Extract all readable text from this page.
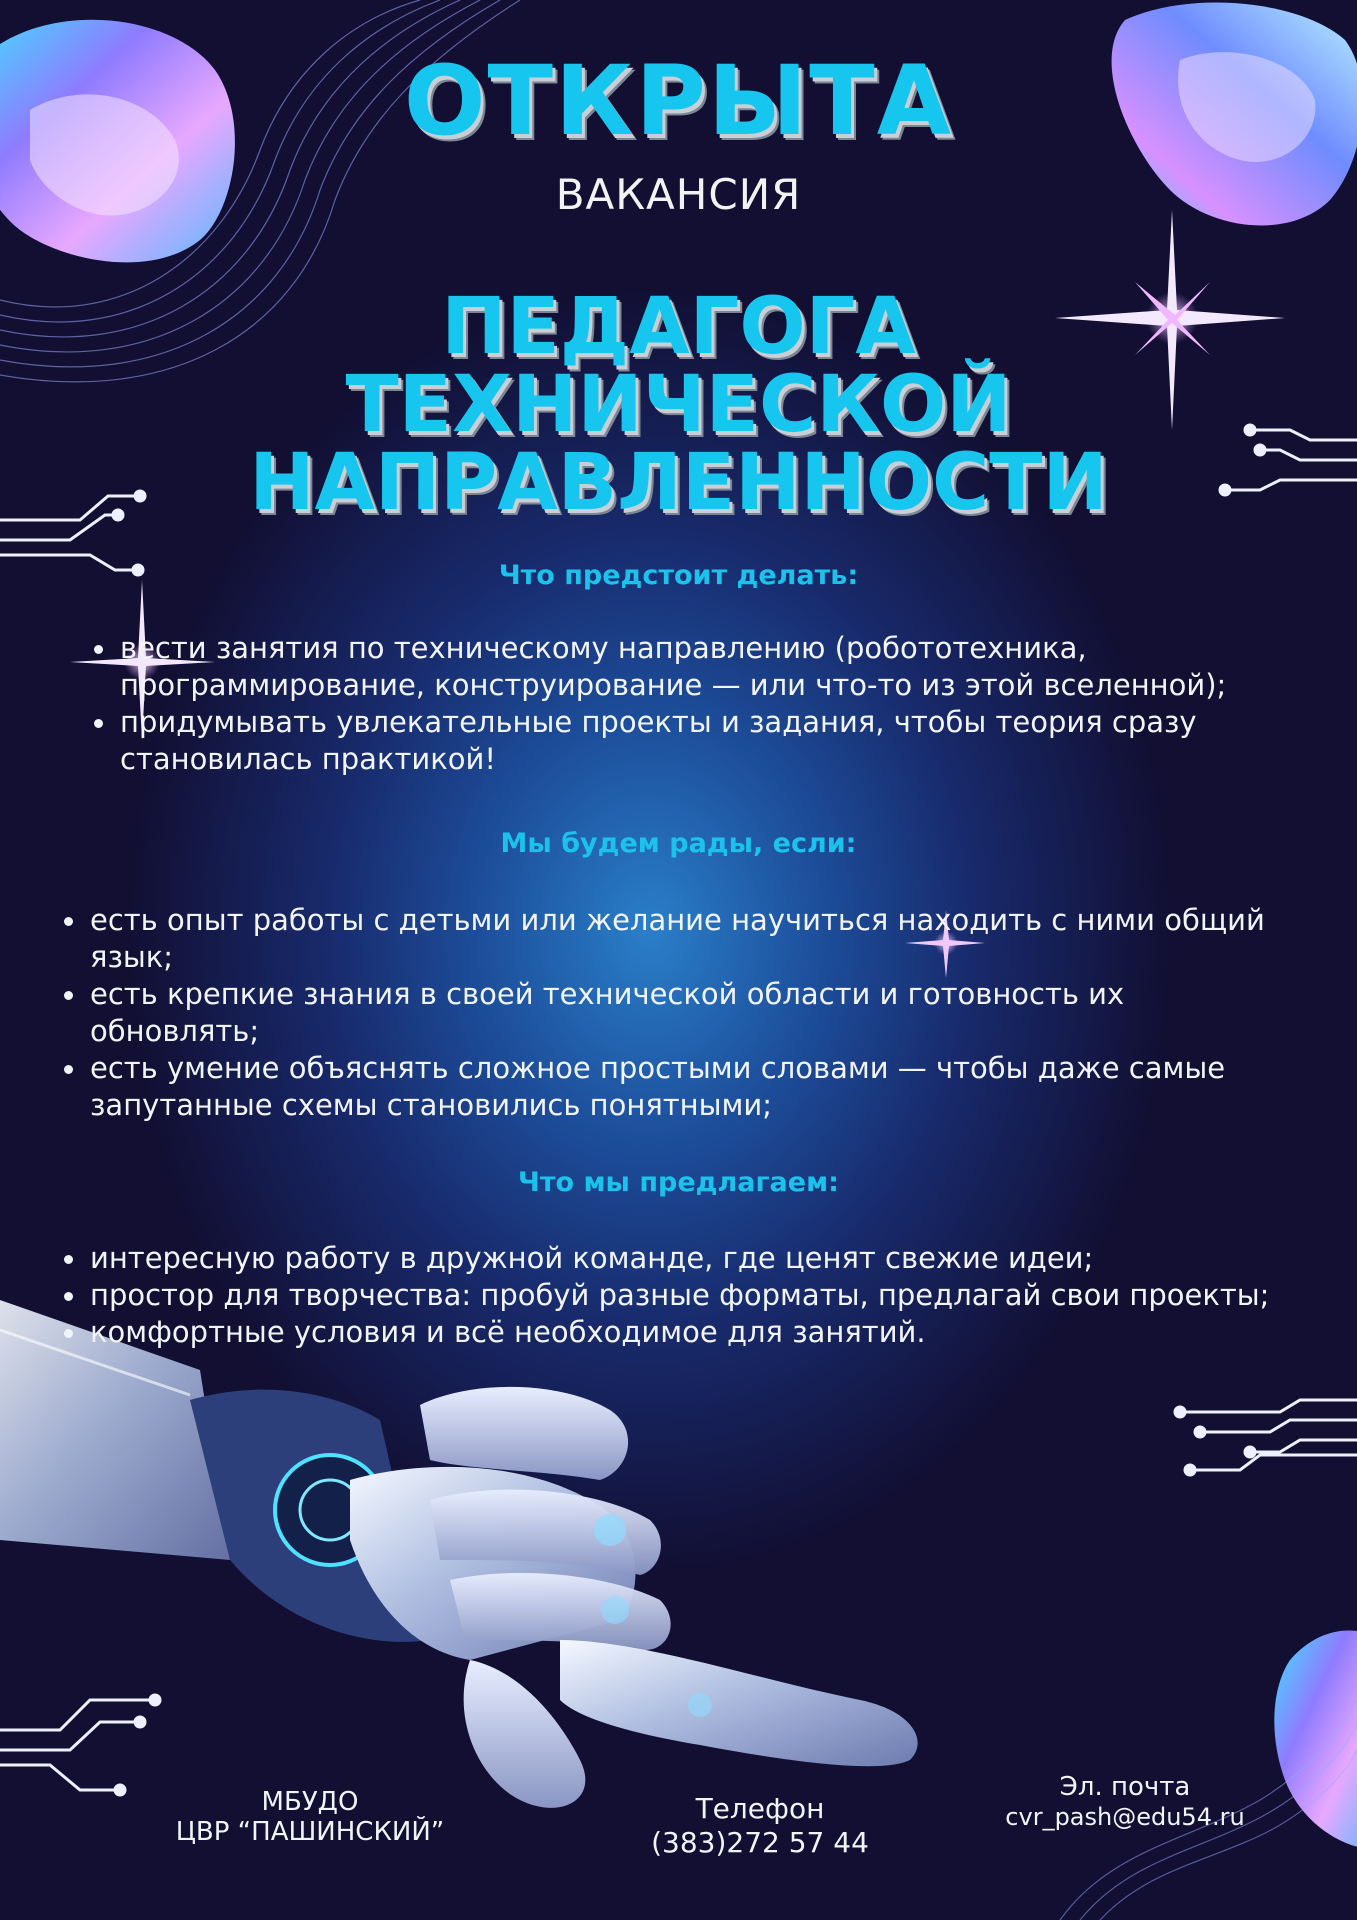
ОТКРЫТА

ВАКАНСИЯ

ПЕДАГОГА
ТЕХНИЧЕСКОЙ
НАПРАВЛЕННОСТИ
Что предстоит делать:
вести занятия по техническому направлению (робототехника, программирование, конструирование — или что-то из этой вселенной);
придумывать увлекательные проекты и задания, чтобы теория сразу становилась практикой!
Мы будем рады, если:
есть опыт работы с детьми или желание научиться находить с ними общий язык;
есть крепкие знания в своей технической области и готовность их обновлять;
есть умение объяснять сложное простыми словами — чтобы даже самые запутанные схемы становились понятными;
Что мы предлагаем:
интересную работу в дружной команде, где ценят свежие идеи;
простор для творчества: пробуй разные форматы, предлагай свои проекты;
комфортные условия и всё необходимое для занятий.
МБУДО
ЦВР “ПАШИНСКИЙ”
Телефон
(383)272 57 44
Эл. почта
cvr_pash@edu54.ru
